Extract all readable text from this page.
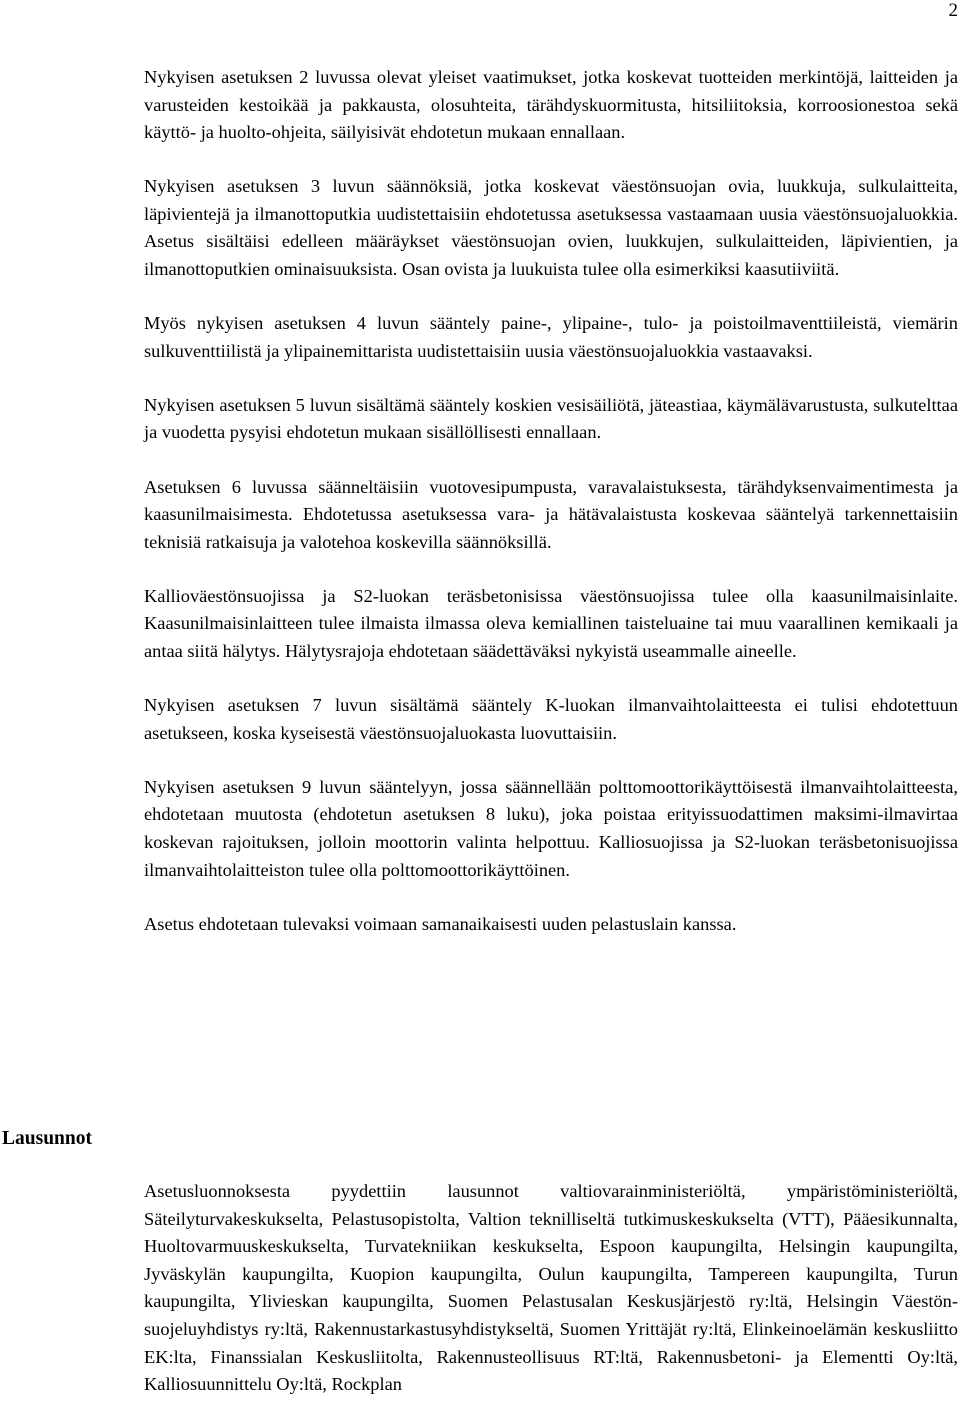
2

Nykyisen asetuksen 2 luvussa olevat yleiset vaatimukset, jotka koskevat tuotteiden merkintöjä, laitteiden ja varusteiden kestoikää ja pakkausta, olosuhteita, tärähdyskuormitusta, hitsiliitoksia, korroosionestoa sekä käyttö- ja huolto-ohjeita, säilyisivät ehdotetun mukaan ennallaan.

Nykyisen asetuksen 3 luvun säännöksiä, jotka koskevat väestönsuojan ovia, luukkuja, sulkulaitteita, läpivientejä ja ilmanottoputkia uudistettaisiin ehdotetussa asetuksessa vastaamaan uusia väestönsuojaluokkia. Asetus sisältäisi edelleen määräykset väestönsuojan ovien, luukkujen, sulkulaitteiden, läpivientien, ja ilmanottoputkien ominaisuuksista. Osan ovista ja luukuista tulee olla esimerkiksi kaasutiiviitä.

Myös nykyisen asetuksen 4 luvun sääntely paine-, ylipaine-, tulo- ja poistoilmaventtiileistä, viemärin sulkuventtiilistä ja ylipainemittarista uudistettaisiin uusia väestönsuojaluokkia vastaavaksi.

Nykyisen asetuksen 5 luvun sisältämä sääntely koskien vesisäiliötä, jäteastiaa, käymälävarustusta, sulkutelttaa ja vuodetta pysyisi ehdotetun mukaan sisällöllisesti ennallaan.

Asetuksen 6 luvussa säänneltäisiin vuotovesipumpusta, varavalaistuksesta, tärähdyksenvaimentimesta ja kaasunilmaisimesta. Ehdotetussa asetuksessa vara- ja hätävalaistusta koskevaa sääntelyä tarkennettaisiin teknisiä ratkaisuja ja valotehoa koskevilla säännöksillä.

Kallioväestönsuojissa ja S2-luokan teräsbetonisissa väestönsuojissa tulee olla kaasunilmaisinlaite. Kaasunilmaisinlaitteen tulee ilmaista ilmassa oleva kemiallinen taisteluaine tai muu vaarallinen kemikaali ja antaa siitä hälytys. Hälytysrajoja ehdotetaan säädettäväksi nykyistä useammalle aineelle.

Nykyisen asetuksen 7 luvun sisältämä sääntely K-luokan ilmanvaihtolaitteesta ei tulisi ehdotettuun asetukseen, koska kyseisestä väestönsuojaluokasta luovuttaisiin.

Nykyisen asetuksen 9 luvun sääntelyyn, jossa säännellään polttomoottorikäyttöisestä ilmanvaihtolaitteesta, ehdotetaan muutosta (ehdotetun asetuksen 8 luku), joka poistaa erityissuodattimen maksimi-ilmavirtaa koskevan rajoituksen, jolloin moottorin valinta helpottuu. Kalliosuojissa ja S2-luokan teräsbetonisuojissa ilmanvaihtolaitteiston tulee olla polttomoottorikäyttöinen.

Asetus ehdotetaan tulevaksi voimaan samanaikaisesti uuden pelastuslain kanssa.

Lausunnot

Asetusluonnoksesta pyydettiin lausunnot valtiovarainministeriöltä, ympäristöministeriöltä, Säteilyturvakeskukselta, Pelastusopistolta, Valtion teknilliseltä tutkimuskeskukselta (VTT), Pääesikunnalta, Huoltovarmuuskeskukselta, Turvatekniikan keskukselta, Espoon kaupungilta, Helsingin kaupungilta, Jyväskylän kaupungilta, Kuopion kaupungilta, Oulun kaupungilta, Tampereen kaupungilta, Turun kaupungilta, Ylivieskan kaupungilta, Suomen Pelastusalan Keskusjärjestö ry:ltä, Helsingin Väestönsuojeluyhdistys ry:ltä, Rakennustarkastusyhdistykseltä, Suomen Yrittäjät ry:ltä, Elinkeinoelämän keskusliitto EK:lta, Finanssialan Keskusliitolta, Rakennusteollisuus RT:ltä, Rakennusbetoni- ja Elementti Oy:ltä, Kalliosuunnittelu Oy:ltä, Rockplan
